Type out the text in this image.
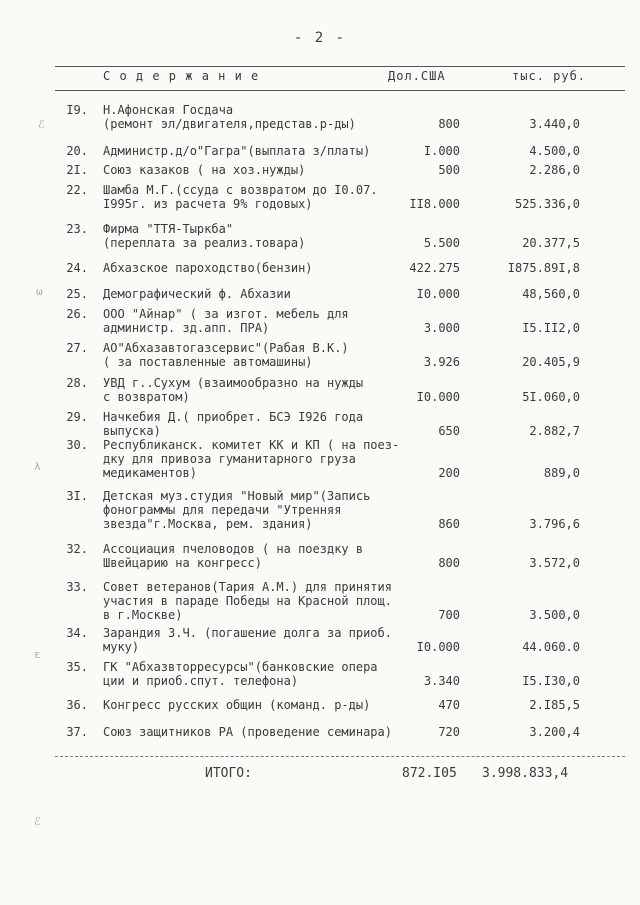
- 2 -
С о д е р ж а н и е	Дол.США	тыс. руб.
I9. Н.Афонская Госдача
(ремонт эл/двигателя,представ.р-ды)	800	3.440,0
20. Администр.д/о"Гагра"(выплата з/платы)	I.000	4.500,0
2I. Союз казаков ( на хоз.нужды)	500	2.286,0
22. Шамба М.Г.(ссуда с возвратом до I0.07.
I995г. из расчета 9% годовых)	II8.000	525.336,0
23. Фирма "ТТЯ-Тыркба"
(переплата за реализ.товара)	5.500	20.377,5
24. Абхазское пароходство(бензин)	422.275	I875.89I,8
25. Демографический ф. Абхазии	I0.000	48,560,0
26. ООО "Айнар" ( за изгот. мебель для
администр. зд.апп. ПРА)	3.000	I5.II2,0
27. АО"Абхазавтогазсервис"(Рабая В.К.)
( за поставленные автомашины)	3.926	20.405,9
28. УВД г..Сухум (взаимообразно на нужды
с возвратом)	I0.000	5I.060,0
29. Начкебия Д.( приобрет. БСЭ I926 года
выпуска)	650	2.882,7
30. Республиканск. комитет КК и КП ( на поез-
дку для привоза гуманитарного груза
медикаментов)	200	889,0
3I. Детская муз.студия "Новый мир"(Запись
фонограммы для передачи "Утренняя
звезда"г.Москва, рем. здания)	860	3.796,6
32. Ассоциация пчеловодов ( на поездку в
Швейцарию на конгресс)	800	3.572,0
33. Совет ветеранов(Тария А.М.) для принятия
участия в параде Победы на Красной площ.
в г.Москве)	700	3.500,0
34. Зарандия З.Ч. (погашение долга за приоб.
муку)	I0.000	44.060.0
35. ГК "Абхазвторресурсы"(банковские опера
ции и приоб.спут. телефона)	3.340	I5.I30,0
36. Конгресс русских общин (команд. р-ды)	470	2.I85,5
37. Союз защитников РА (проведение семинара)	720	3.200,4
ИТОГО:	872.I05 3.998.833,4
ℰ
ω
λ
ɛ
ℰ
